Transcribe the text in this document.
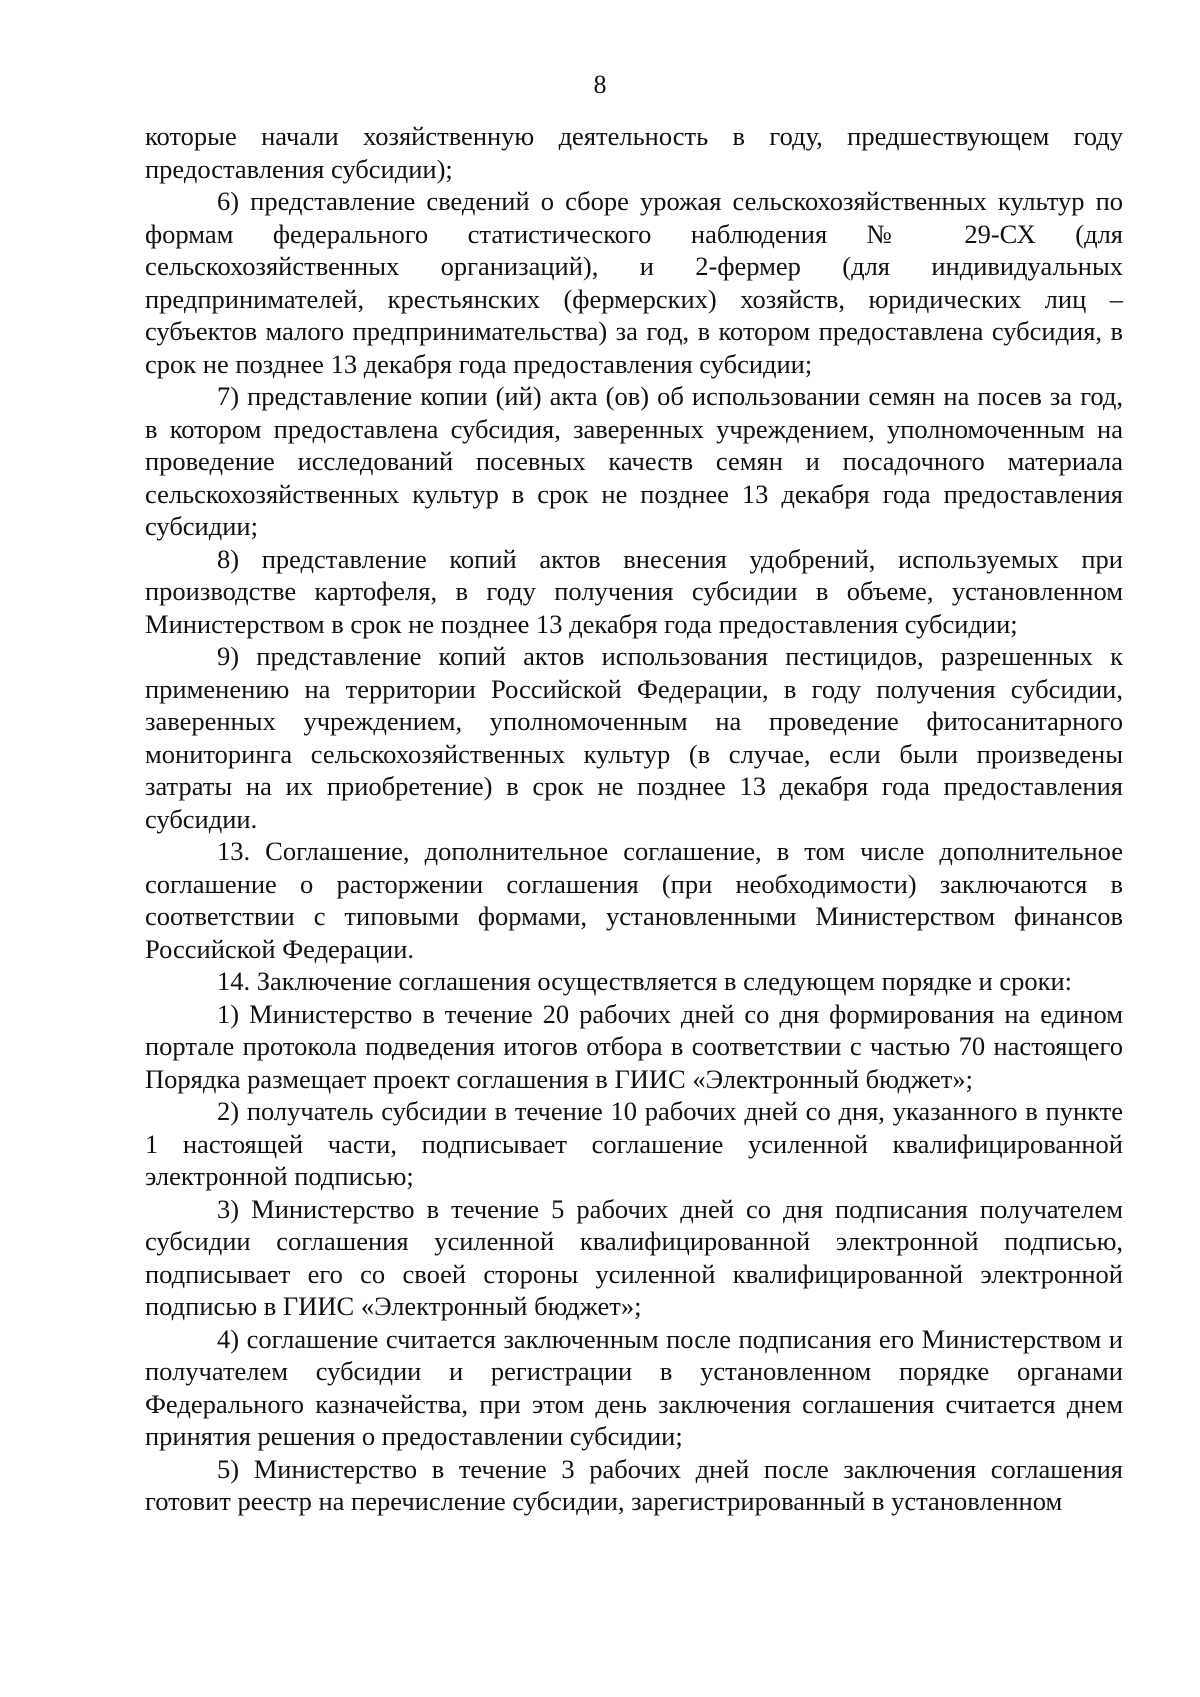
8

которые начали хозяйственную деятельность в году, предшествующем году предоставления субсидии);

6) представление сведений о сборе урожая сельскохозяйственных культур по формам федерального статистического наблюдения № 29-СХ (для сельскохозяйственных организаций), и 2-фермер (для индивидуальных предпринимателей, крестьянских (фермерских) хозяйств, юридических лиц – субъектов малого предпринимательства) за год, в котором предоставлена субсидия, в срок не позднее 13 декабря года предоставления субсидии;

7) представление копии (ий) акта (ов) об использовании семян на посев за год, в котором предоставлена субсидия, заверенных учреждением, уполномоченным на проведение исследований посевных качеств семян и посадочного материала сельскохозяйственных культур в срок не позднее 13 декабря года предоставления субсидии;

8) представление копий актов внесения удобрений, используемых при производстве картофеля, в году получения субсидии в объеме, установленном Министерством в срок не позднее 13 декабря года предоставления субсидии;

9) представление копий актов использования пестицидов, разрешенных к применению на территории Российской Федерации, в году получения субсидии, заверенных учреждением, уполномоченным на проведение фитосанитарного мониторинга сельскохозяйственных культур (в случае, если были произведены затраты на их приобретение) в срок не позднее 13 декабря года предоставления субсидии.

13. Соглашение, дополнительное соглашение, в том числе дополнительное соглашение о расторжении соглашения (при необходимости) заключаются в соответствии с типовыми формами, установленными Министерством финансов Российской Федерации.

14. Заключение соглашения осуществляется в следующем порядке и сроки:

1) Министерство в течение 20 рабочих дней со дня формирования на едином портале протокола подведения итогов отбора в соответствии с частью 70 настоящего Порядка размещает проект соглашения в ГИИС «Электронный бюджет»;

2) получатель субсидии в течение 10 рабочих дней со дня, указанного в пункте 1 настоящей части, подписывает соглашение усиленной квалифицированной электронной подписью;

3) Министерство в течение 5 рабочих дней со дня подписания получателем субсидии соглашения усиленной квалифицированной электронной подписью, подписывает его со своей стороны усиленной квалифицированной электронной подписью в ГИИС «Электронный бюджет»;

4) соглашение считается заключенным после подписания его Министерством и получателем субсидии и регистрации в установленном порядке органами Федерального казначейства, при этом день заключения соглашения считается днем принятия решения о предоставлении субсидии;

5) Министерство в течение 3 рабочих дней после заключения соглашения готовит реестр на перечисление субсидии, зарегистрированный в установленном
